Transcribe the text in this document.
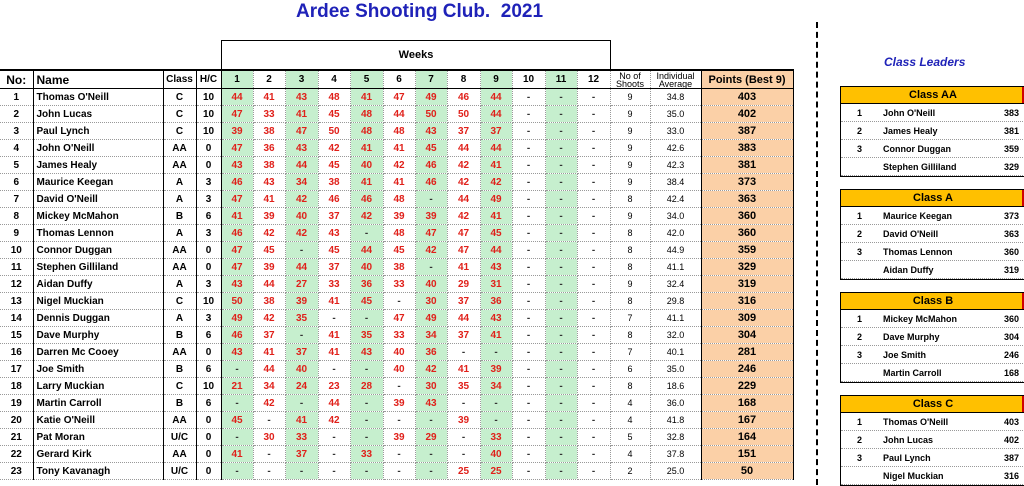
Ardee Shooting Club.  2021
Weeks
No:	Name	Class	H/C	1	2	3	4	5	6	7	8	9	10	11	12	No of Shoots	Individual Average	Points (Best 9)
1	Thomas O'Neill	C	10	44	41	43	48	41	47	49	46	44	-	-	-	9	34.8	403
2	John Lucas	C	10	47	33	41	45	48	44	50	50	44	-	-	-	9	35.0	402
3	Paul Lynch	C	10	39	38	47	50	48	48	43	37	37	-	-	-	9	33.0	387
4	John O'Neill	AA	0	47	36	43	42	41	41	45	44	44	-	-	-	9	42.6	383
5	James Healy	AA	0	43	38	44	45	40	42	46	42	41	-	-	-	9	42.3	381
6	Maurice Keegan	A	3	46	43	34	38	41	41	46	42	42	-	-	-	9	38.4	373
7	David O'Neill	A	3	47	41	42	46	46	48	-	44	49	-	-	-	8	42.4	363
8	Mickey McMahon	B	6	41	39	40	37	42	39	39	42	41	-	-	-	9	34.0	360
9	Thomas Lennon	A	3	46	42	42	43	-	48	47	47	45	-	-	-	8	42.0	360
10	Connor Duggan	AA	0	47	45	-	45	44	45	42	47	44	-	-	-	8	44.9	359
11	Stephen Gilliland	AA	0	47	39	44	37	40	38	-	41	43	-	-	-	8	41.1	329
12	Aidan Duffy	A	3	43	44	27	33	36	33	40	29	31	-	-	-	9	32.4	319
13	Nigel Muckian	C	10	50	38	39	41	45	-	30	37	36	-	-	-	8	29.8	316
14	Dennis Duggan	A	3	49	42	35	-	-	47	49	44	43	-	-	-	7	41.1	309
15	Dave Murphy	B	6	46	37	-	41	35	33	34	37	41	-	-	-	8	32.0	304
16	Darren Mc Cooey	AA	0	43	41	37	41	43	40	36	-	-	-	-	-	7	40.1	281
17	Joe Smith	B	6	-	44	40	-	-	40	42	41	39	-	-	-	6	35.0	246
18	Larry Muckian	C	10	21	34	24	23	28	-	30	35	34	-	-	-	8	18.6	229
19	Martin Carroll	B	6	-	42	-	44	-	39	43	-	-	-	-	-	4	36.0	168
20	Katie O'Neill	AA	0	45	-	41	42	-	-	-	39	-	-	-	-	4	41.8	167
21	Pat Moran	U/C	0	-	30	33	-	-	39	29	-	33	-	-	-	5	32.8	164
22	Gerard Kirk	AA	0	41	-	37	-	33	-	-	-	40	-	-	-	4	37.8	151
23	Tony Kavanagh	U/C	0	-	-	-	-	-	-	-	25	25	-	-	-	2	25.0	50
Class Leaders
Class AA
1 John O'Neill	383
2 James Healy	381
3 Connor Duggan	359
Stephen Gilliland	329
Class A
1 Maurice Keegan	373
2 David O'Neill	363
3 Thomas Lennon	360
Aidan Duffy	319
Class B
1 Mickey McMahon	360
2 Dave Murphy	304
3 Joe Smith	246
Martin Carroll	168
Class C
1 Thomas O'Neill	403
2 John Lucas	402
3 Paul Lynch	387
Nigel Muckian	316
